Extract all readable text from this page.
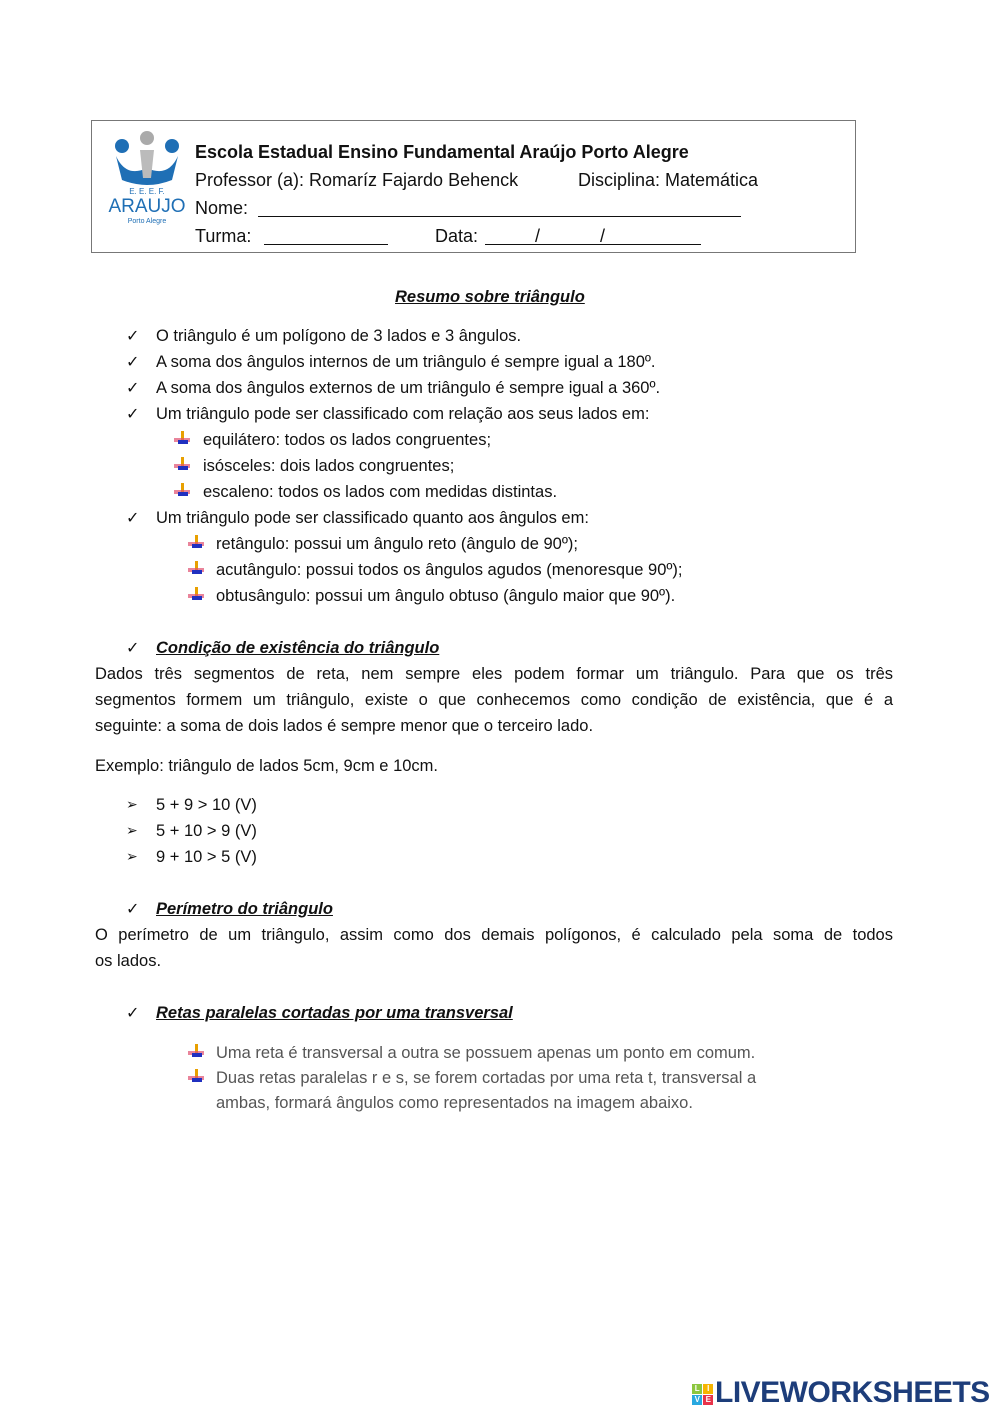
E. E. E. F.
ARAUJO
Porto Alegre
Escola Estadual Ensino Fundamental Araújo Porto Alegre
Professor (a): Romaríz Fajardo Behenck	Disciplina: Matemática
Nome:
Turma:	Data:	/	/
Resumo sobre triângulo
L I
V E LIVEWORKSHEETS
✓ O triângulo é um polígono de 3 lados e 3 ângulos.
✓ A soma dos ângulos internos de um triângulo é sempre igual a 180º.
✓ A soma dos ângulos externos de um triângulo é sempre igual a 360º.
✓ Um triângulo pode ser classificado com relação aos seus lados em:
equilátero: todos os lados congruentes;
isósceles: dois lados congruentes;
escaleno: todos os lados com medidas distintas.
✓ Um triângulo pode ser classificado quanto aos ângulos em:
retângulo: possui um ângulo reto (ângulo de 90º);
acutângulo: possui todos os ângulos agudos (menoresque 90º);
obtusângulo: possui um ângulo obtuso (ângulo maior que 90º).
✓ Condição de existência do triângulo
Dados três segmentos de reta, nem sempre eles podem formar um triângulo. Para que os três
segmentos formem um triângulo, existe o que conhecemos como condição de existência, que é a
seguinte: a soma de dois lados é sempre menor que o terceiro lado.
Exemplo: triângulo de lados 5cm, 9cm e 10cm.
➢ 5 + 9 > 10 (V)
➢ 5 + 10 > 9 (V)
➢ 9 + 10 > 5 (V)
✓ Perímetro do triângulo
O perímetro de um triângulo, assim como dos demais polígonos, é calculado pela soma de todos
os lados.
✓ Retas paralelas cortadas por uma transversal
Uma reta é transversal a outra se possuem apenas um ponto em comum.
Duas retas paralelas r e s, se forem cortadas por uma reta t, transversal a
ambas, formará ângulos como representados na imagem abaixo.
